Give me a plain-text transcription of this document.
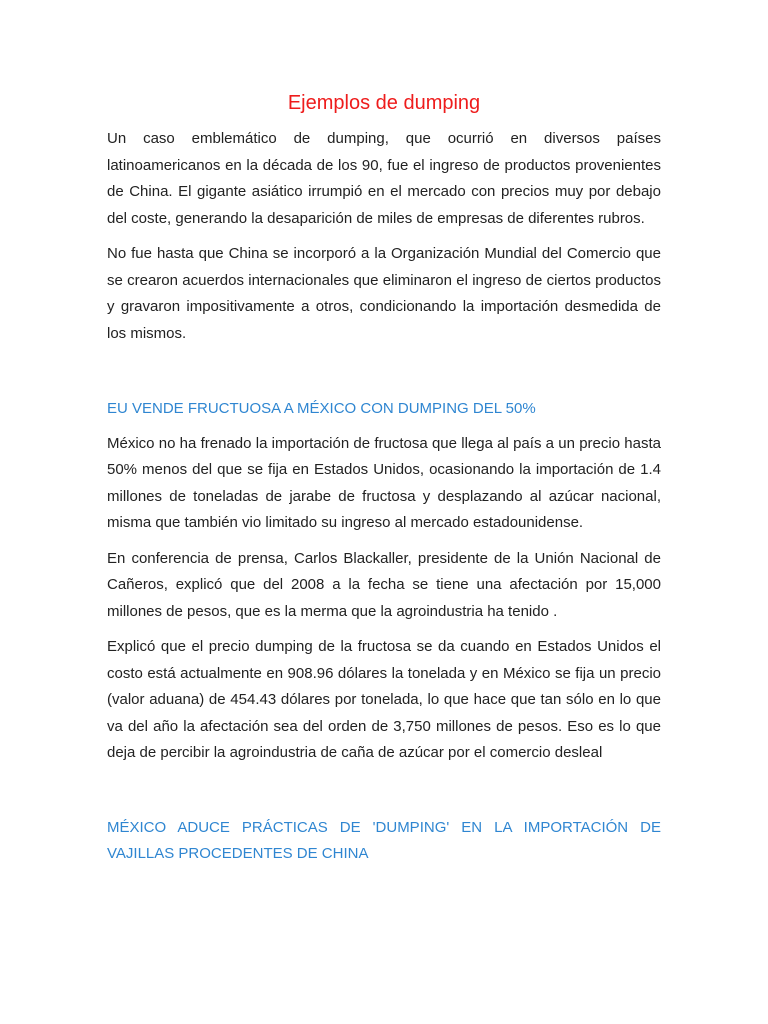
Ejemplos de dumping

Un caso emblemático de dumping, que ocurrió en diversos países latinoamericanos en la década de los 90, fue el ingreso de productos provenientes de China. El gigante asiático irrumpió en el mercado con precios muy por debajo del coste, generando la desaparición de miles de empresas de diferentes rubros.

No fue hasta que China se incorporó a la Organización Mundial del Comercio que se crearon acuerdos internacionales que eliminaron el ingreso de ciertos productos y gravaron impositivamente a otros, condicionando la importación desmedida de los mismos.

EU VENDE FRUCTUOSA A MÉXICO CON DUMPING DEL 50%

México no ha frenado la importación de fructosa que llega al país a un precio hasta 50% menos del que se fija en Estados Unidos, ocasionando la importación de 1.4 millones de toneladas de jarabe de fructosa y desplazando al azúcar nacional, misma que también vio limitado su ingreso al mercado estadounidense.

En conferencia de prensa, Carlos Blackaller, presidente de la Unión Nacional de Cañeros, explicó que del 2008 a la fecha se tiene una afectación por 15,000 millones de pesos, que es la merma que la agroindustria ha tenido .

Explicó que el precio dumping de la fructosa se da cuando en Estados Unidos el costo está actualmente en 908.96 dólares la tonelada y en México se fija un precio (valor aduana) de 454.43 dólares por tonelada, lo que hace que tan sólo en lo que va del año la afectación sea del orden de 3,750 millones de pesos. Eso es lo que deja de percibir la agroindustria de caña de azúcar por el comercio desleal

MÉXICO ADUCE PRÁCTICAS DE 'DUMPING' EN LA IMPORTACIÓN DE VAJILLAS PROCEDENTES DE CHINA
